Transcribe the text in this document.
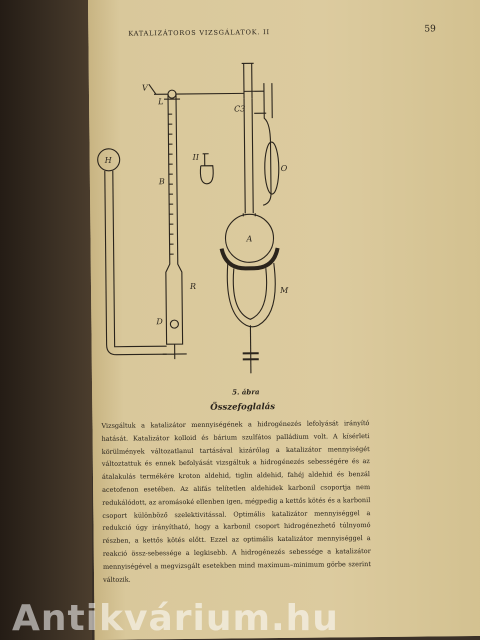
KATALIZÁTOROS VIZSGÁLATOK. II	59
V
L
C3
H
B
II
O
A
R
D
M
5. ábra
Összefoglalás

Vizsgáltuk a katalizátor mennyiségének a hidrogénezés lefolyását irányító hatását. Katalizátor kolloid és bárium szulfátos palládium volt. A kísérleti körülmények változatlanul tartásával kizárólag a katalizátor mennyiségét változtattuk és ennek befolyását vizsgáltuk a hidrogénezés sebességére és az átalakulás termékére kroton aldehid, tiglin aldehid, fahéj aldehid és benzál acetofenon esetében. Az alifás telítetlen aldehidek karbonil csoportja nem redukálódott, az aromásoké ellenben igen, mégpedig a kettős kötés és a karbonil csoport különböző szelektivitással. Optimális katalizátor mennyiséggel a redukció úgy irányítható, hogy a karbonil csoport hidrogénezhető túlnyomó részben, a kettős kötés előtt. Ezzel az optimális katalizátor mennyiséggel a reakció össz-sebessége a legkisebb. A hidrogénezés sebessége a katalizátor mennyiségével a megvizsgált esetekben mind maximum–minimum görbe szerint változik.

Antikvárium.hu
